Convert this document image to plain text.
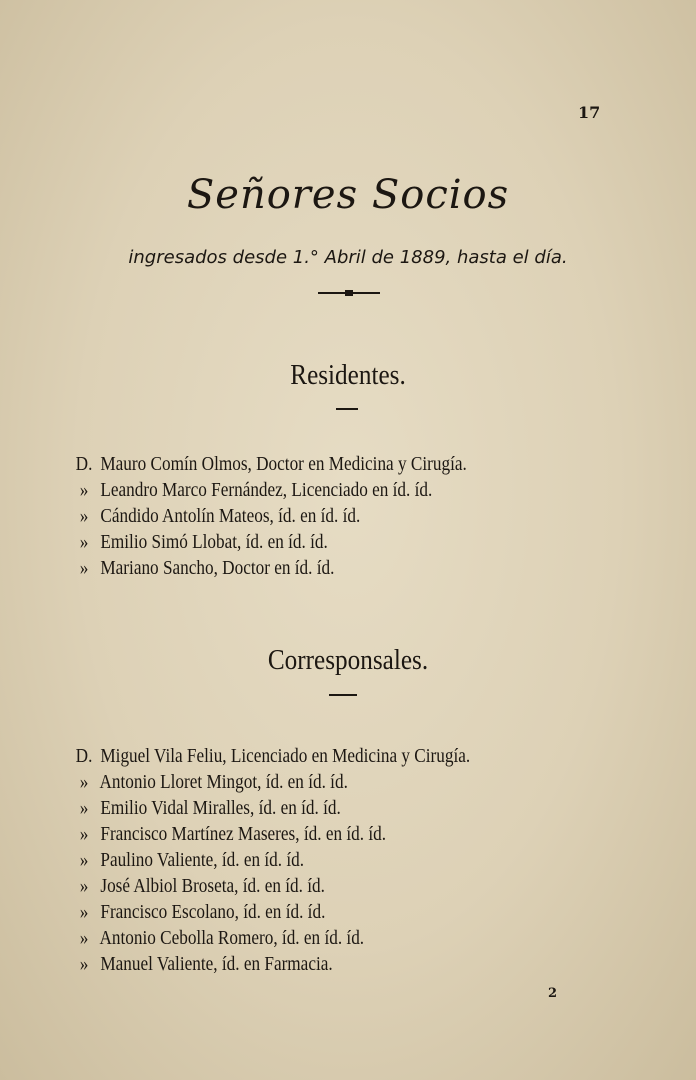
17
Señores Socios
ingresados desde 1.° Abril de 1889, hasta el día.
Residentes.
D. Mauro Comín Olmos, Doctor en Medicina y Cirugía.
» Leandro Marco Fernández, Licenciado en íd. íd.
» Cándido Antolín Mateos, íd. en íd. íd.
» Emilio Simó Llobat, íd. en íd. íd.
» Mariano Sancho, Doctor en íd. íd.
Corresponsales.
D. Miguel Vila Feliu, Licenciado en Medicina y Cirugía.
» Antonio Lloret Mingot, íd. en íd. íd.
» Emilio Vidal Miralles, íd. en íd. íd.
» Francisco Martínez Maseres, íd. en íd. íd.
» Paulino Valiente, íd. en íd. íd.
» José Albiol Broseta, íd. en íd. íd.
» Francisco Escolano, íd. en íd. íd.
» Antonio Cebolla Romero, íd. en íd. íd.
» Manuel Valiente, íd. en Farmacia.
2
